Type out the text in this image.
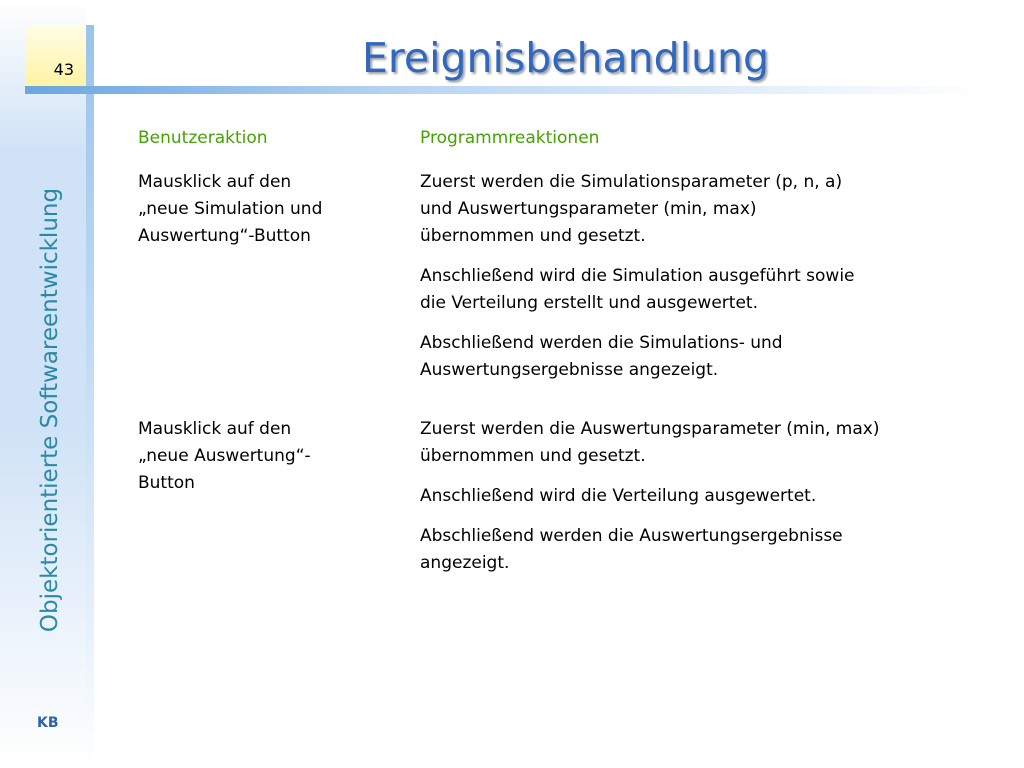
43	Ereignisbehandlung
Objektorientierte Softwareentwicklung
KB
Benutzeraktion	Programmreaktionen
Mausklick auf den
„neue Simulation und
Auswertung“-Button

Zuerst werden die Simulationsparameter (p, n, a)
und Auswertungsparameter (min, max)
übernommen und gesetzt.

Anschließend wird die Simulation ausgeführt sowie
die Verteilung erstellt und ausgewertet.

Abschließend werden die Simulations- und
Auswertungsergebnisse angezeigt.

Mausklick auf den
„neue Auswertung“-
Button

Zuerst werden die Auswertungsparameter (min, max)
übernommen und gesetzt.

Anschließend wird die Verteilung ausgewertet.

Abschließend werden die Auswertungsergebnisse
angezeigt.
